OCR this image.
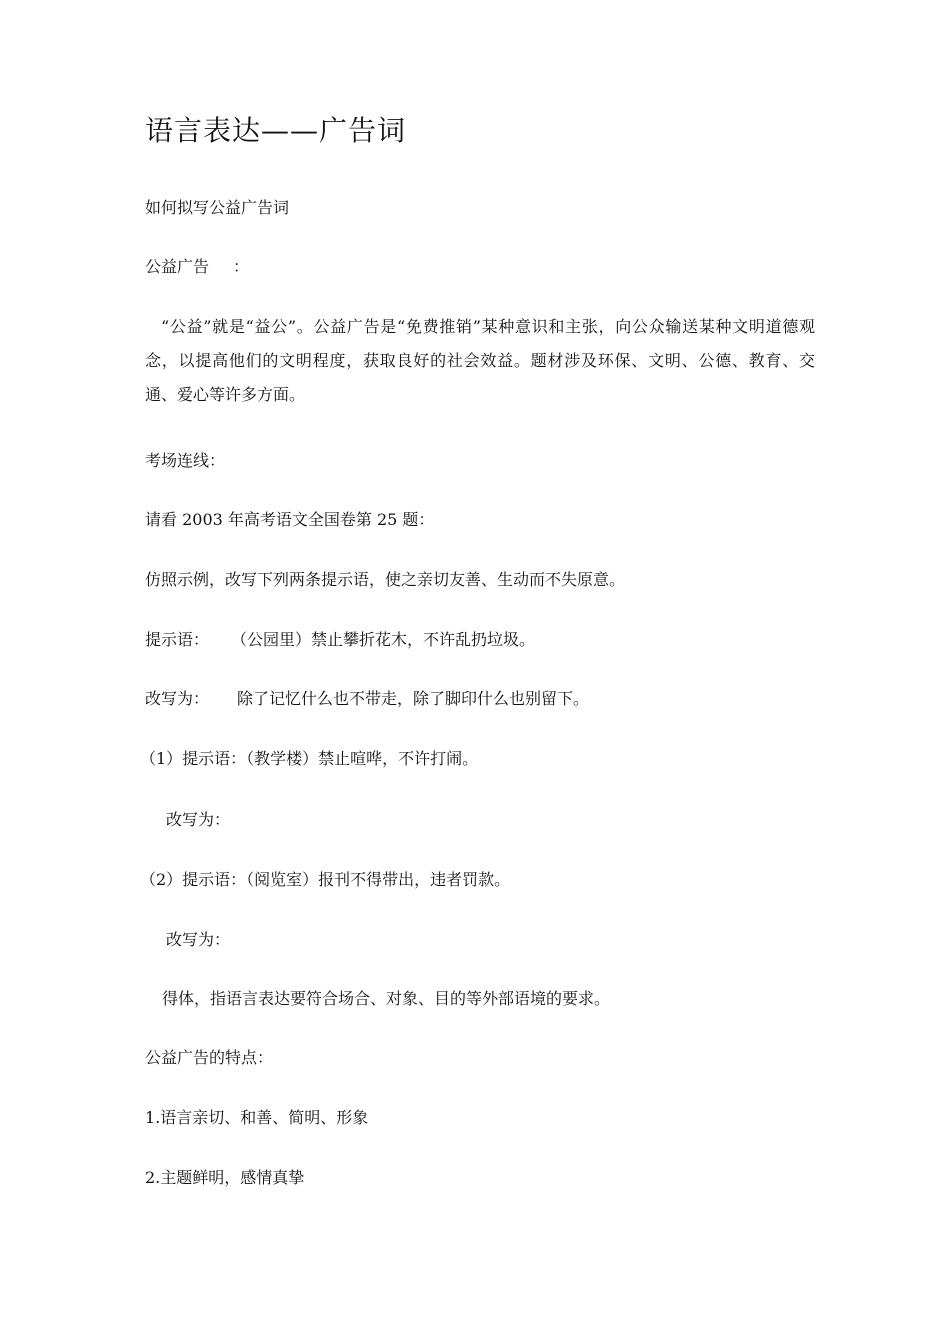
语言表达——广告词
如何拟写公益广告词
公益广告 ：
“公益”就是“益公”。公益广告是“免费推销”某种意识和主张，向公众输送某种文明道德观念，以提高他们的文明程度，获取良好的社会效益。题材涉及环保、文明、公德、教育、交通、爱心等许多方面。
考场连线：
请看 2003 年高考语文全国卷第 25 题：
仿照示例，改写下列两条提示语，使之亲切友善、生动而不失原意。
提示语： （公园里）禁止攀折花木，不许乱扔垃圾。
改写为： 除了记忆什么也不带走，除了脚印什么也别留下。
（1）提示语：（教学楼）禁止喧哗，不许打闹。
改写为：
（2）提示语：（阅览室）报刊不得带出，违者罚款。
改写为：
得体，指语言表达要符合场合、对象、目的等外部语境的要求。
公益广告的特点：
1.语言亲切、和善、简明、形象
2.主题鲜明，感情真挚
